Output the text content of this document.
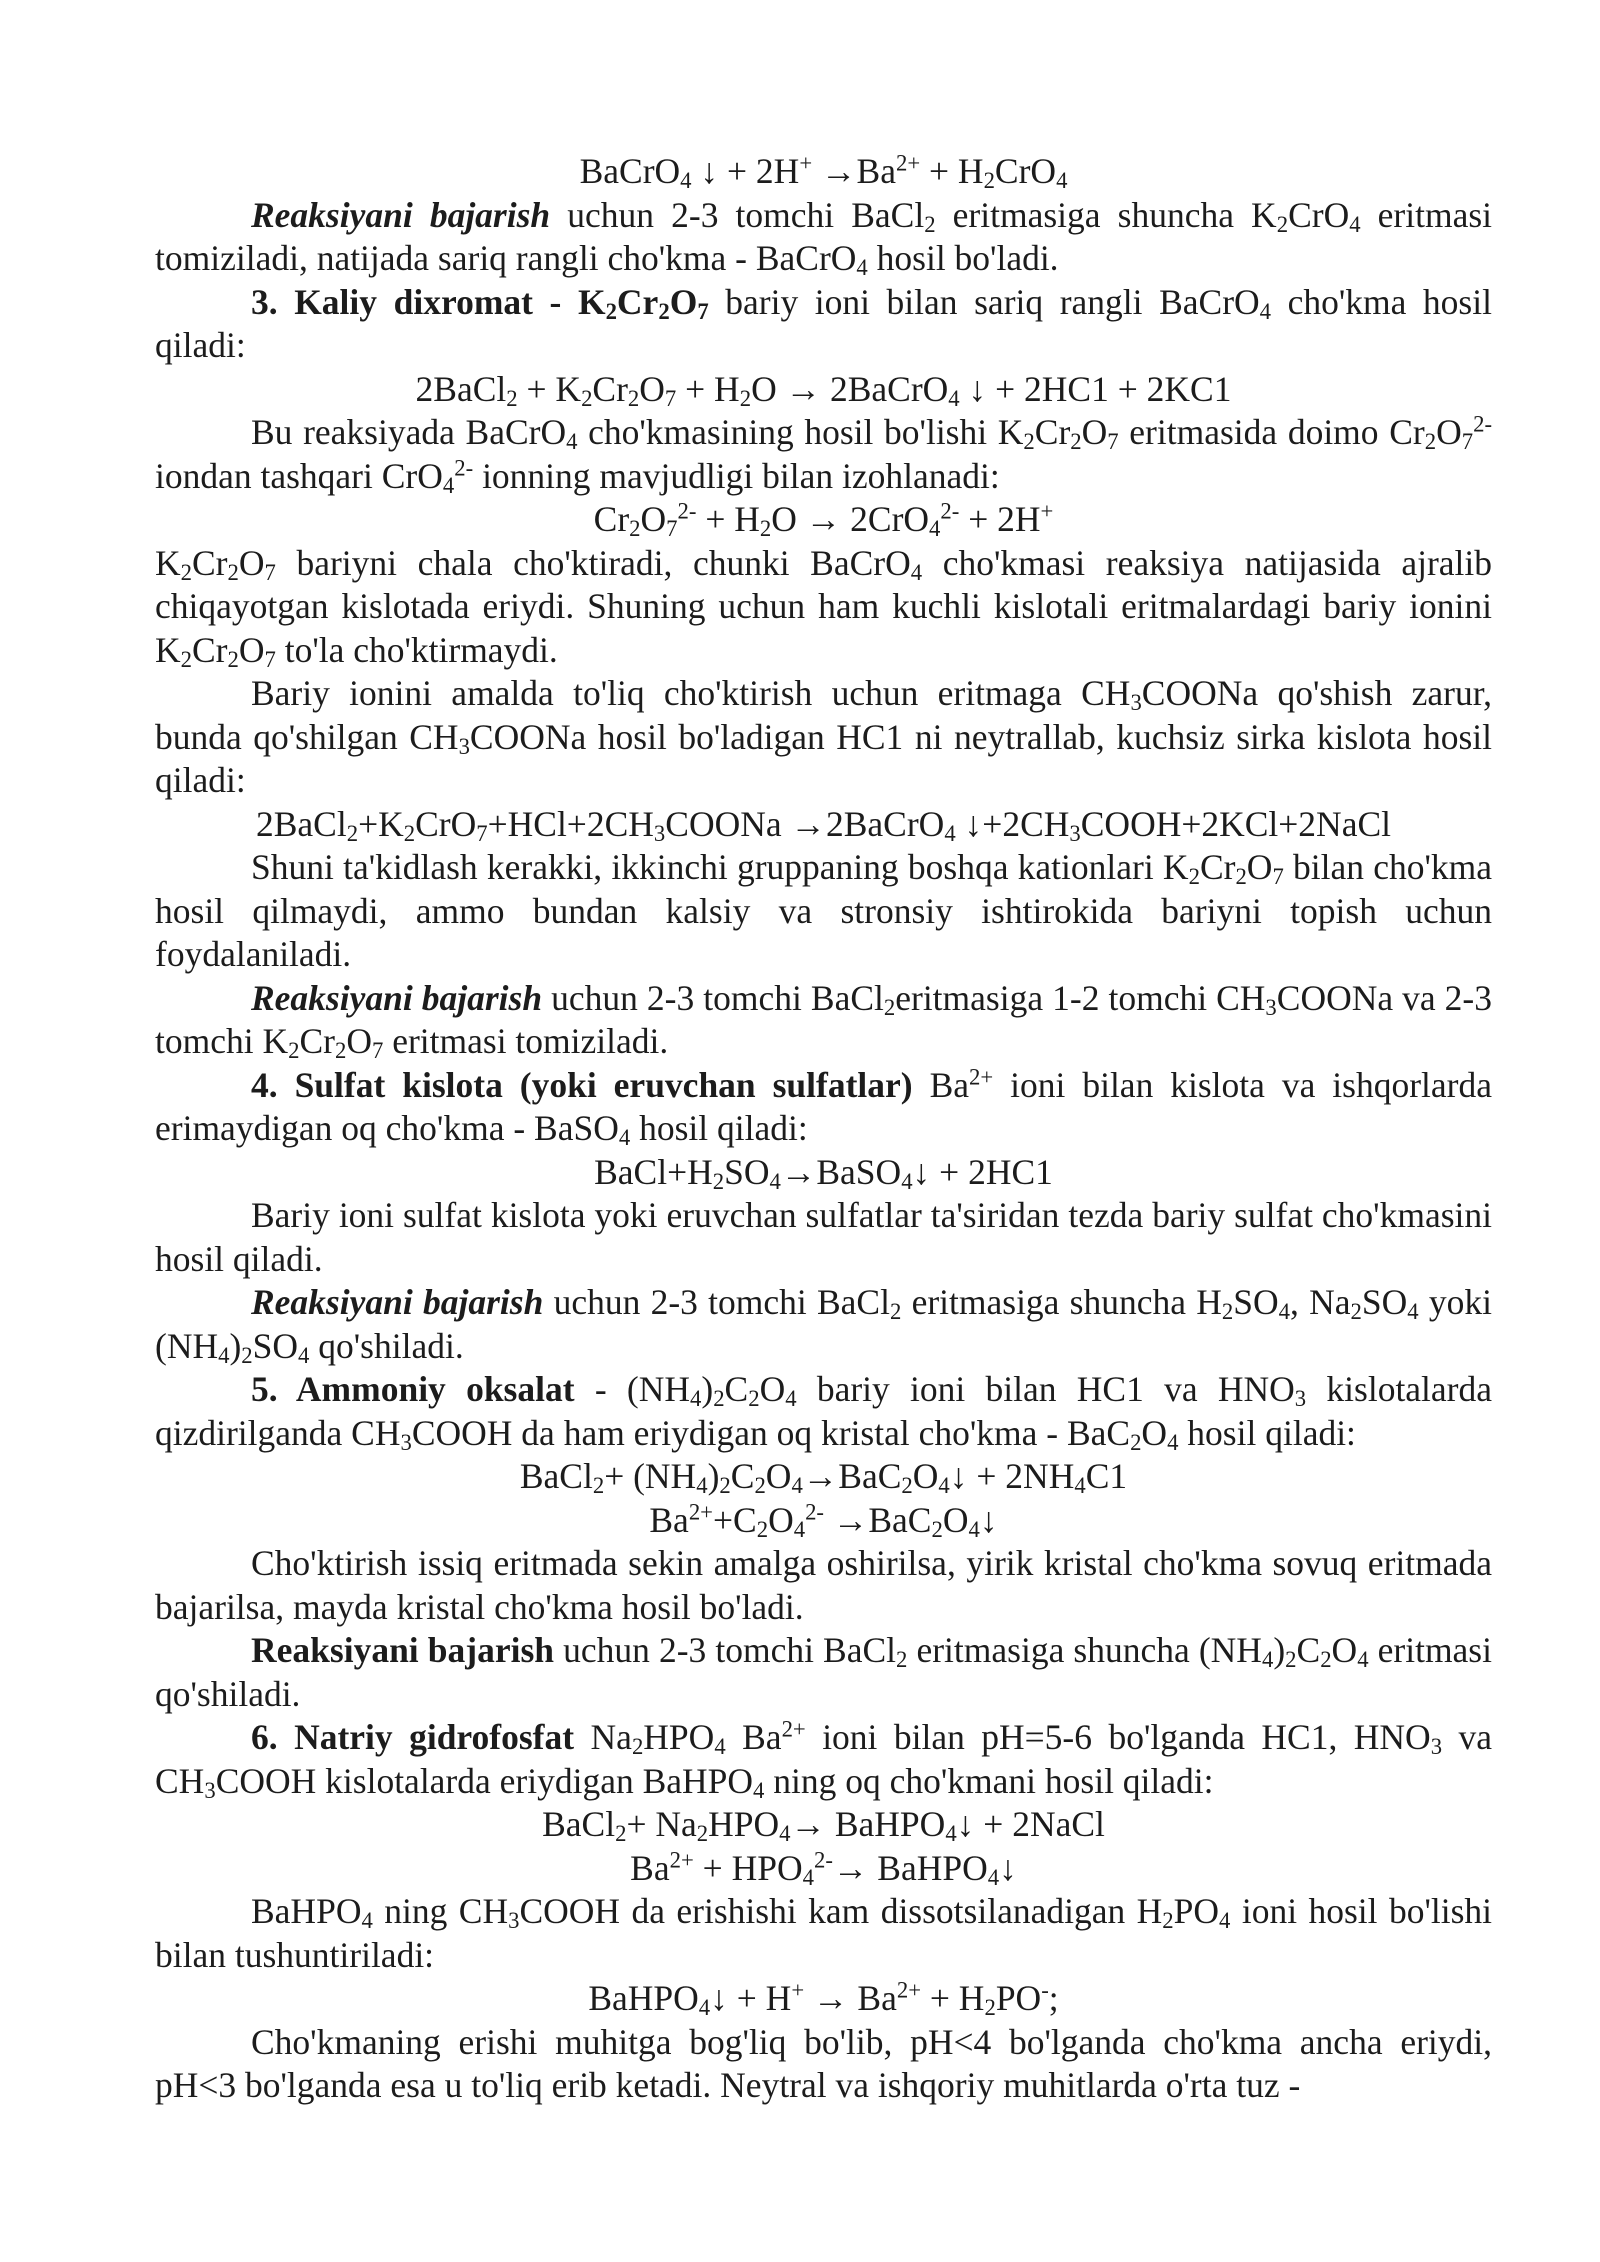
BaCrO$_4$ ↓ + $2H^+ \to Ba^{2+} + H_2CrO_4$

Reaksiyani bajarish uchun 2-3 tomchi BaCl$_2$ eritmasiga shuncha $K_2CrO_4$ eritmasi tomiziladi, natijada sariq rangli cho'kma - BaCrO$_4$ hosil bo'ladi.

3. Kaliy dixromat - $K_2Cr_2O_7$ bariy ioni bilan sariq rangli BaCrO$_4$ cho'kma hosil qiladi:

2BaCl$_2$ + $K_2Cr_2O_7 + H_2O$ → 2BaCrO$_4$ ↓ + 2HC1 + 2KC1

Bu reaksiyada BaCrO$_4$ cho'kmasining hosil bo'lishi $K_2Cr_2O_7$ eritmasida doimo $Cr_2O_7^{2-}$ iondan tashqari CrO$_4^{2-}$ ionning mavjudligi bilan izohlanadi:

$Cr_2O_7^{2-} + H_2O \to 2CrO_4^{2-} + 2H^+$

$K_2Cr_2O_7$ bariyni chala cho'ktiradi, chunki BaCrO$_4$ cho'kmasi reaksiya natijasida ajralib chiqayotgan kislotada eriydi. Shuning uchun ham kuchli kislotali eritmalardagi bariy ionini $K_2Cr_2O_7$ to'la cho'ktirmaydi.

Bariy ionini amalda to'liq cho'ktirish uchun eritmaga $CH_3COONa$ qo'shish zarur, bunda qo'shilgan $CH_3COONa$ hosil bo'ladigan HC1 ni neytrallab, kuchsiz sirka kislota hosil qiladi:

$2BaCl_2+K_2CrO_7+HCl+2CH_3COONa$ →2BaCrO$_4$ $↓+2CH_3COOH+2KCl+2NaCl$

Shuni ta'kidlash kerakki, ikkinchi gruppaning boshqa kationlari $K_2Cr_2O_7$ bilan cho'kma hosil qilmaydi, ammo bundan kalsiy va stronsiy ishtirokida bariyni topish uchun foydalaniladi.

Reaksiyani bajarish uchun 2-3 tomchi BaCl$_2$eritmasiga 1-2 tomchi $CH_3COONa$ va 2-3 tomchi $K_2Cr_2O_7$ eritmasi tomiziladi.

4. Sulfat kislota (yoki eruvchan sulfatlar) $Ba^{2+}$ ioni bilan kislota va ishqorlarda erimaydigan oq cho'kma - BaSO$_4$ hosil qiladi:

$BaCl+H_2SO_4\to BaSO_4↓ + 2HC1$

Bariy ioni sulfat kislota yoki eruvchan sulfatlar ta'siridan tezda bariy sulfat cho'kmasini hosil qiladi.

Reaksiyani bajarish uchun 2-3 tomchi BaCl$_2$ eritmasiga shuncha $H_2SO_4$, $Na_2SO_4$ yoki $(NH_4)_2SO_4$ qo'shiladi.

5. Ammoniy oksalat - $(NH_4)_2C_2O_4$ bariy ioni bilan HC1 va $HNO_3$ kislotalarda qizdirilganda $CH_3COOH$ da ham eriydigan oq kristal $cho'kma - BaC_2O_4$ hosil qiladi:

BaCl$_2$+ $(NH_4)_2C_2O_4\to BaC_2O_4↓ + 2NH_4C1$

$Ba^{2+}+C_2O_4^{2-}$ $\to BaC_2O_4↓$

Cho'ktirish issiq eritmada sekin amalga oshirilsa, yirik kristal cho'kma sovuq eritmada bajarilsa, mayda kristal cho'kma hosil bo'ladi.

Reaksiyani bajarish uchun 2-3 tomchi BaCl$_2$ eritmasiga shuncha $(NH_4)_2C_2O_4$ eritmasi qo'shiladi.

6. Natriy gidrofosfat $Na_2HPO_4$ $Ba^{2+}$ ioni bilan pH=5-6 bo'lganda HC1, $HNO_3$ va $CH_3COOH$ kislotalarda eriydigan BaHPO$_4$ ning oq cho'kmani hosil qiladi:

BaCl$_2$+ $Na_2HPO_4\to$ BaHPO$_4$↓ + 2NaCl

$Ba^{2+} + HPO_4^{2-}\to$ BaHPO$_4$↓

BaHPO$_4$ ning $CH_3COOH$ da erishishi kam dissotsilanadigan $H_2PO_4$ ioni hosil bo'lishi bilan tushuntiriladi:

BaHPO$_4$↓ + $H^+ \to Ba^{2+} + H_2PO^-$;

Cho'kmaning erishi muhitga bog'liq bo'lib, pH<4 bo'lganda cho'kma ancha eriydi, pH<3 bo'lganda esa u to'liq erib ketadi. Neytral va ishqoriy muhitlarda o'rta tuz -
